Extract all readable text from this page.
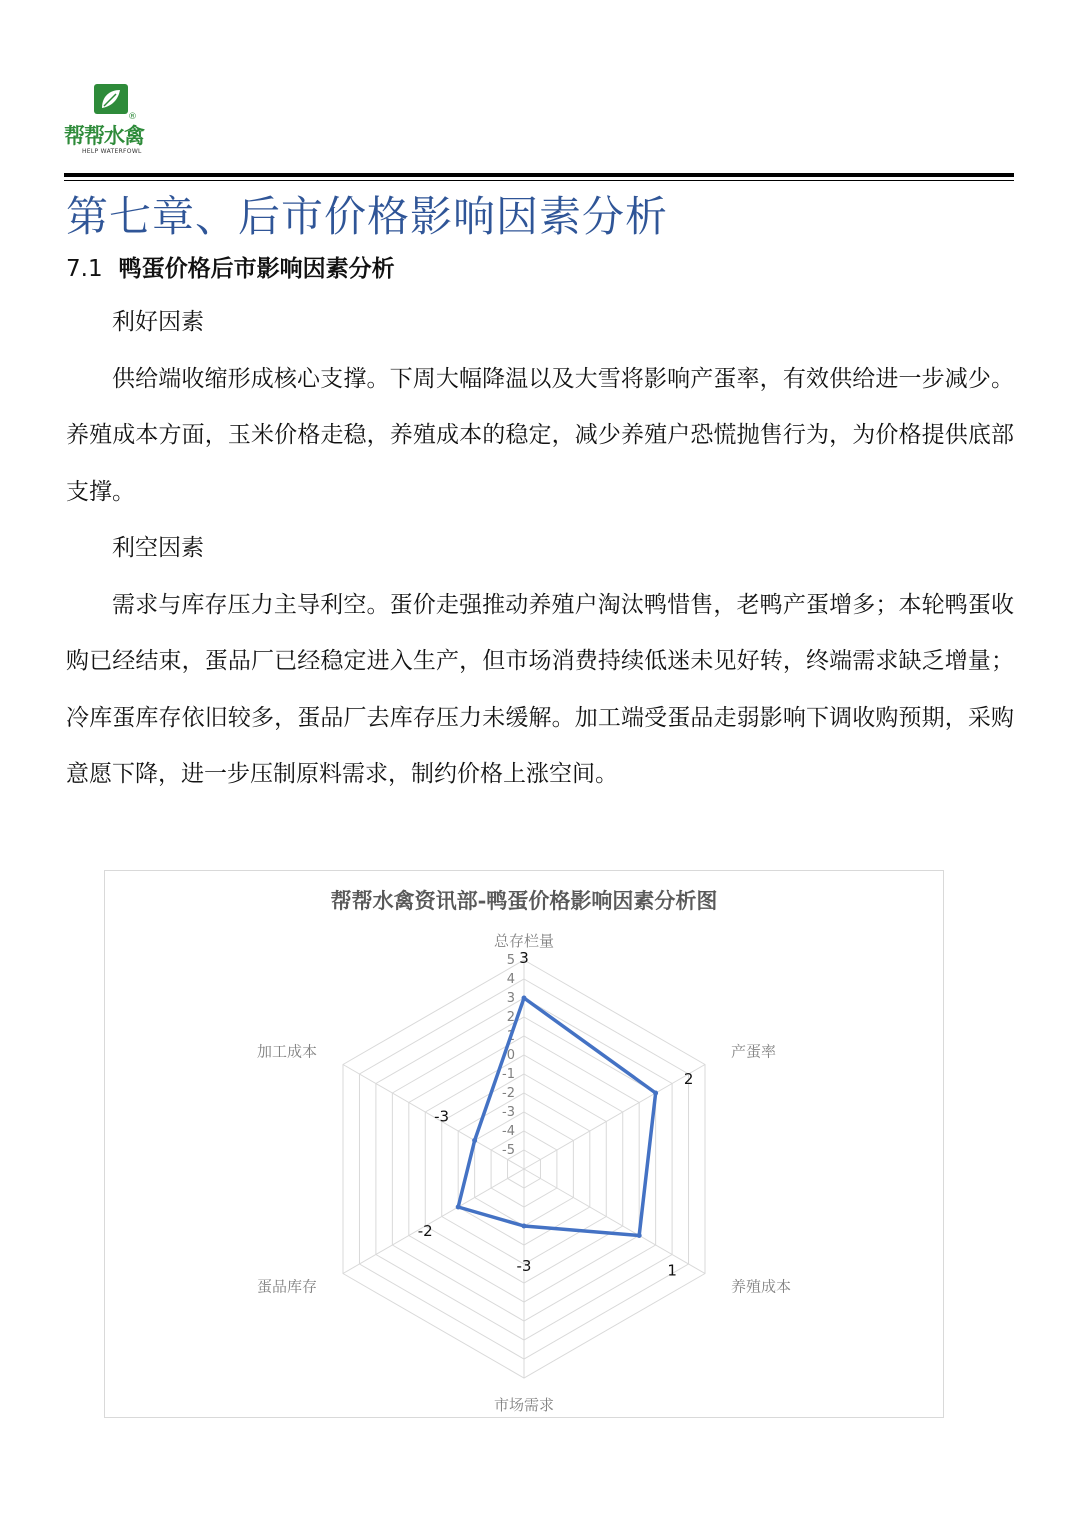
®
帮帮水禽
HELP WATERFOWL
第七章、后市价格影响因素分析
7.1 鸭蛋价格后市影响因素分析

利好因素

供给端收缩形成核心支撑。下周大幅降温以及大雪将影响产蛋率，有效供给进一步减少。养殖成本方面，玉米价格走稳，养殖成本的稳定，减少养殖户恐慌抛售行为，为价格提供底部支撑。

利空因素

需求与库存压力主导利空。蛋价走强推动养殖户淘汰鸭惜售，老鸭产蛋增多；本轮鸭蛋收购已经结束，蛋品厂已经稳定进入生产，但市场消费持续低迷未见好转，终端需求缺乏增量；冷库蛋库存依旧较多，蛋品厂去库存压力未缓解。加工端受蛋品走弱影响下调收购预期，采购意愿下降，进一步压制原料需求，制约价格上涨空间。

帮帮水禽资讯部-鸭蛋价格影响因素分析图
5
4
3
2
1
0
-1
-2
-3
-4
-5
总存栏量
产蛋率
养殖成本
市场需求
蛋品库存
加工成本
3
2
1
-3
-2
-3
